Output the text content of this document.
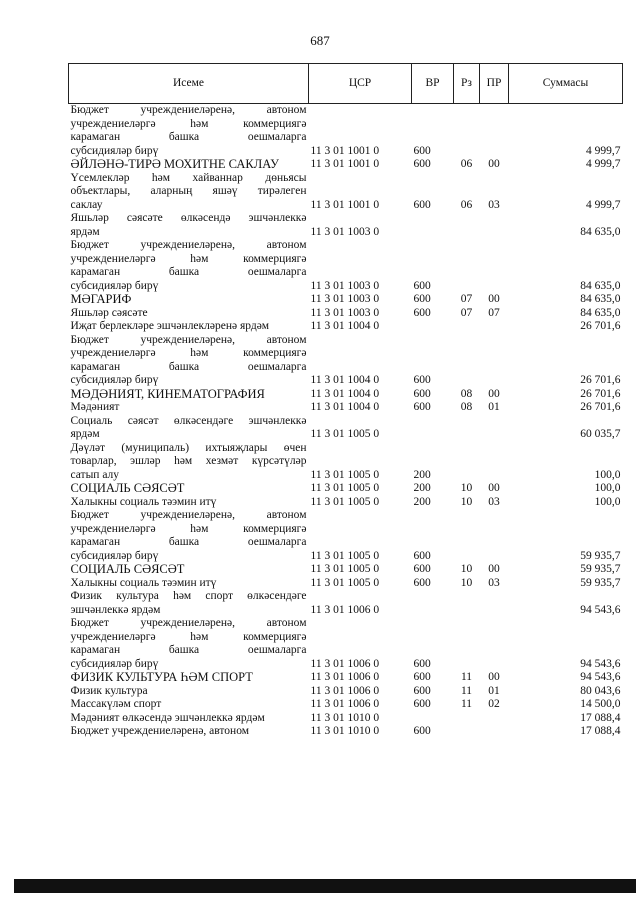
687
Исеме	ЦСР	ВР	Рз	ПР	Суммасы
Бюджет учреждениеләренә, автоном					
учреждениеләргә һәм коммерциягә					
карамаган башка оешмаларга					
субсидияләр бирү	11 3 01 1001 0	600			4 999,7
ӘЙЛӘНӘ-ТИРӘ МОХИТНЕ САКЛАУ	11 3 01 1001 0	600	06	00	4 999,7
Үсемлекләр һәм хайваннар дөньясы					
объектлары, аларның яшәү тирәлеген					
саклау	11 3 01 1001 0	600	06	03	4 999,7
Яшьләр сәясәте өлкәсендә эшчәнлеккә					
ярдәм	11 3 01 1003 0				84 635,0
Бюджет учреждениеләренә, автоном					
учреждениеләргә һәм коммерциягә					
карамаган башка оешмаларга					
субсидияләр бирү	11 3 01 1003 0	600			84 635,0
МӘГАРИФ	11 3 01 1003 0	600	07	00	84 635,0
Яшьләр сәясәте	11 3 01 1003 0	600	07	07	84 635,0
Иҗат берлекләре эшчәнлекләренә ярдәм	11 3 01 1004 0				26 701,6
Бюджет учреждениеләренә, автоном					
учреждениеләргә һәм коммерциягә					
карамаган башка оешмаларга					
субсидияләр бирү	11 3 01 1004 0	600			26 701,6
МӘДӘНИЯТ, КИНЕМАТОГРАФИЯ	11 3 01 1004 0	600	08	00	26 701,6
Мәдәният	11 3 01 1004 0	600	08	01	26 701,6
Социаль сәясәт өлкәсендәге эшчәнлеккә					
ярдәм	11 3 01 1005 0				60 035,7
Дәүләт (муниципаль) ихтыяҗлары өчен					
товарлар, эшләр һәм хезмәт күрсәтүләр					
сатып алу	11 3 01 1005 0	200			100,0
СОЦИАЛЬ СӘЯСӘТ	11 3 01 1005 0	200	10	00	100,0
Халыкны социаль тәэмин итү	11 3 01 1005 0	200	10	03	100,0
Бюджет учреждениеләренә, автоном					
учреждениеләргә һәм коммерциягә					
карамаган башка оешмаларга					
субсидияләр бирү	11 3 01 1005 0	600			59 935,7
СОЦИАЛЬ СӘЯСӘТ	11 3 01 1005 0	600	10	00	59 935,7
Халыкны социаль тәэмин итү	11 3 01 1005 0	600	10	03	59 935,7
Физик культура һәм спорт өлкәсендәге					
эшчәнлеккә ярдәм	11 3 01 1006 0				94 543,6
Бюджет учреждениеләренә, автоном					
учреждениеләргә һәм коммерциягә					
карамаган башка оешмаларга					
субсидияләр бирү	11 3 01 1006 0	600			94 543,6
ФИЗИК КУЛЬТУРА ҺӘМ СПОРТ	11 3 01 1006 0	600	11	00	94 543,6
Физик культура	11 3 01 1006 0	600	11	01	80 043,6
Массакүләм спорт	11 3 01 1006 0	600	11	02	14 500,0
Мәдәният өлкәсендә эшчәнлеккә ярдәм	11 3 01 1010 0				17 088,4
Бюджет учреждениеләренә, автоном	11 3 01 1010 0	600			17 088,4
